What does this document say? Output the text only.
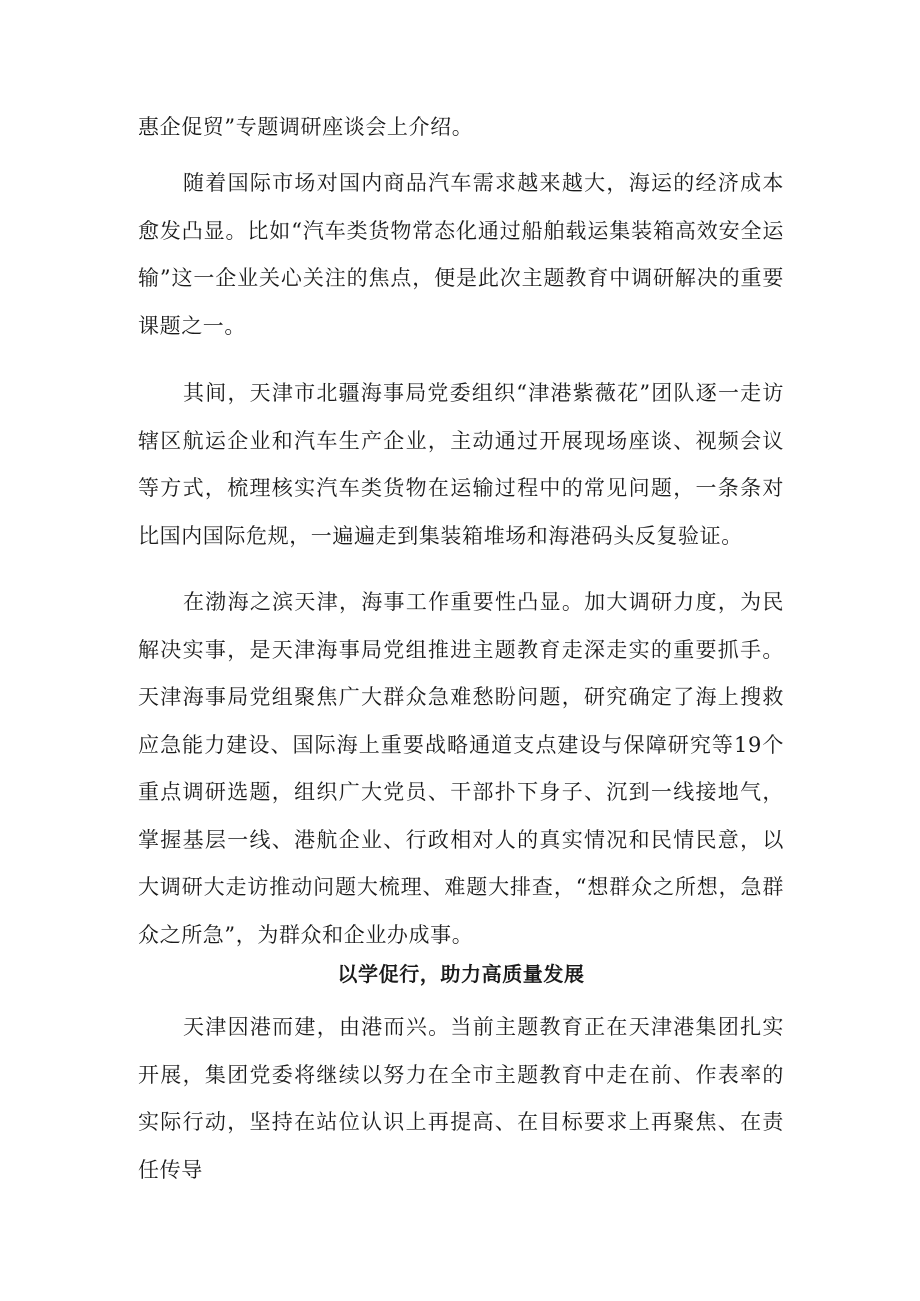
惠企促贸”专题调研座谈会上介绍。

随着国际市场对国内商品汽车需求越来越大，海运的经济成本愈发凸显。比如“汽车类货物常态化通过船舶载运集装箱高效安全运输”这一企业关心关注的焦点，便是此次主题教育中调研解决的重要课题之一。

其间，天津市北疆海事局党委组织“津港紫薇花”团队逐一走访辖区航运企业和汽车生产企业，主动通过开展现场座谈、视频会议等方式，梳理核实汽车类货物在运输过程中的常见问题，一条条对比国内国际危规，一遍遍走到集装箱堆场和海港码头反复验证。

在渤海之滨天津，海事工作重要性凸显。加大调研力度，为民解决实事，是天津海事局党组推进主题教育走深走实的重要抓手。天津海事局党组聚焦广大群众急难愁盼问题，研究确定了海上搜救应急能力建设、国际海上重要战略通道支点建设与保障研究等19个重点调研选题，组织广大党员、干部扑下身子、沉到一线接地气，掌握基层一线、港航企业、行政相对人的真实情况和民情民意，以大调研大走访推动问题大梳理、难题大排查，“想群众之所想，急群众之所急”，为群众和企业办成事。

以学促行，助力高质量发展

天津因港而建，由港而兴。当前主题教育正在天津港集团扎实开展，集团党委将继续以努力在全市主题教育中走在前、作表率的实际行动，坚持在站位认识上再提高、在目标要求上再聚焦、在责任传导
